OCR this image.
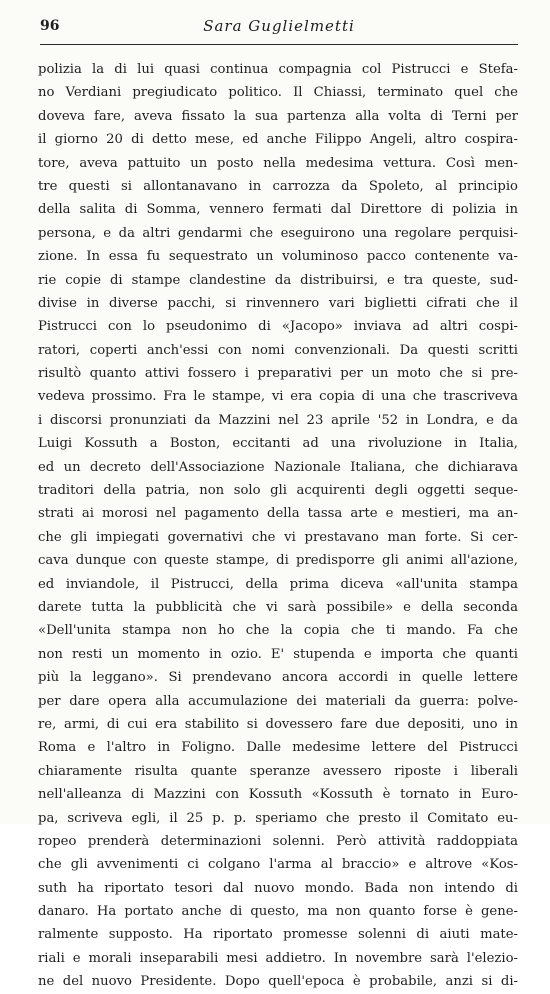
96	Sara Guglielmetti
polizia la di lui quasi continua compagnia col Pistrucci e Stefa-
no Verdiani pregiudicato politico. Il Chiassi, terminato quel che
doveva fare, aveva fissato la sua partenza alla volta di Terni per
il giorno 20 di detto mese, ed anche Filippo Angeli, altro cospira-
tore, aveva pattuito un posto nella medesima vettura. Così men-
tre questi si allontanavano in carrozza da Spoleto, al principio
della salita di Somma, vennero fermati dal Direttore di polizia in
persona, e da altri gendarmi che eseguirono una regolare perquisi-
zione. In essa fu sequestrato un voluminoso pacco contenente va-
rie copie di stampe clandestine da distribuirsi, e tra queste, sud-
divise in diverse pacchi, si rinvennero vari biglietti cifrati che il
Pistrucci con lo pseudonimo di «Jacopo» inviava ad altri cospi-
ratori, coperti anch'essi con nomi convenzionali. Da questi scritti
risultò quanto attivi fossero i preparativi per un moto che si pre-
vedeva prossimo. Fra le stampe, vi era copia di una che trascriveva
i discorsi pronunziati da Mazzini nel 23 aprile '52 in Londra, e da
Luigi Kossuth a Boston, eccitanti ad una rivoluzione in Italia,
ed un decreto dell'Associazione Nazionale Italiana, che dichiarava
traditori della patria, non solo gli acquirenti degli oggetti seque-
strati ai morosi nel pagamento della tassa arte e mestieri, ma an-
che gli impiegati governativi che vi prestavano man forte. Si cer-
cava dunque con queste stampe, di predisporre gli animi all'azione,
ed inviandole, il Pistrucci, della prima diceva «all'unita stampa
darete tutta la pubblicità che vi sarà possibile» e della seconda
«Dell'unita stampa non ho che la copia che ti mando. Fa che
non resti un momento in ozio. E' stupenda e importa che quanti
più la leggano». Si prendevano ancora accordi in quelle lettere
per dare opera alla accumulazione dei materiali da guerra: polve-
re, armi, di cui era stabilito si dovessero fare due depositi, uno in
Roma e l'altro in Foligno. Dalle medesime lettere del Pistrucci
chiaramente risulta quante speranze avessero riposte i liberali
nell'alleanza di Mazzini con Kossuth «Kossuth è tornato in Euro-
pa, scriveva egli, il 25 p. p. speriamo che presto il Comitato eu-
ropeo prenderà determinazioni solenni. Però attività raddoppiata
che gli avvenimenti ci colgano l'arma al braccio» e altrove «Kos-
suth ha riportato tesori dal nuovo mondo. Bada non intendo di
danaro. Ha portato anche di questo, ma non quanto forse è gene-
ralmente supposto. Ha riportato promesse solenni di aiuti mate-
riali e morali inseparabili mesi addietro. In novembre sarà l'elezio-
ne del nuovo Presidente. Dopo quell'epoca è probabile, anzi si di-
